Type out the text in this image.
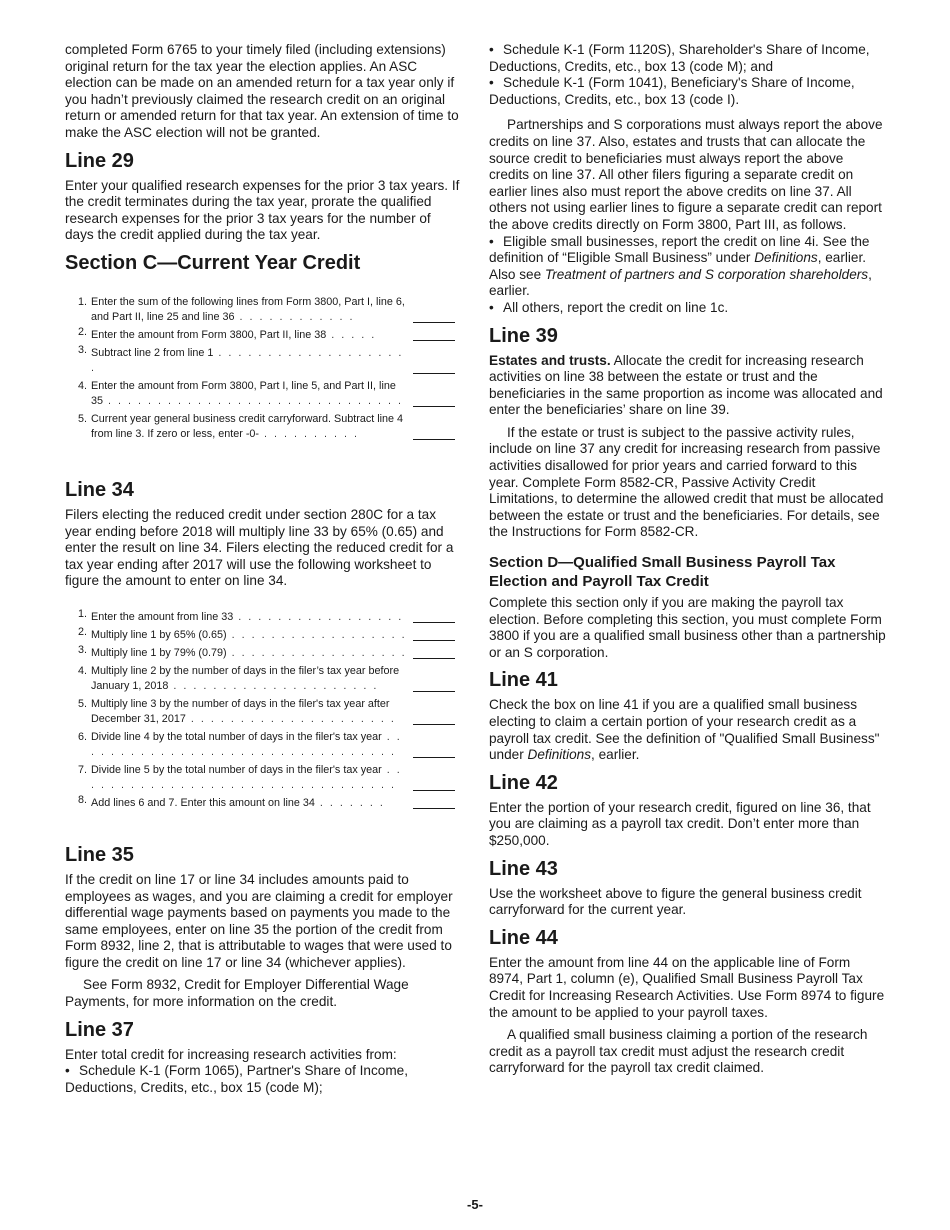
completed Form 6765 to your timely filed (including extensions) original return for the tax year the election applies. An ASC election can be made on an amended return for a tax year only if you hadn’t previously claimed the research credit on an original return or amended return for that tax year. An extension of time to make the ASC election will not be granted.

Line 29

Enter your qualified research expenses for the prior 3 tax years. If the credit terminates during the tax year, prorate the qualified research expenses for the prior 3 tax years for the number of days the credit applied during the tax year.

Section C—Current Year Credit
1. Enter the sum of the following lines from Form 3800, Part I, line 6, and Part II, line 25 and line 36 . . . . . . . . . . . .
2. Enter the amount from Form 3800, Part II, line 38 . . . . .
3. Subtract line 2 from line 1 . . . . . . . . . . . . . . . . . . . .
4. Enter the amount from Form 3800, Part I, line 5, and Part II, line 35 . . . . . . . . . . . . . . . . . . . . . . . . . . . . . .
5. Current year general business credit carryforward. Subtract line 4 from line 3. If zero or less, enter -0- . . . . . . . . . .
Line 34

Filers electing the reduced credit under section 280C for a tax year ending before 2018 will multiply line 33 by 65% (0.65) and enter the result on line 34. Filers electing the reduced credit for a tax year ending after 2017 will use the following worksheet to figure the amount to enter on line 34.

1. Enter the amount from line 33 . . . . . . . . . . . . . . . . .
2. Multiply line 1 by 65% (0.65) . . . . . . . . . . . . . . . . . .
3. Multiply line 1 by 79% (0.79) . . . . . . . . . . . . . . . . . .
4. Multiply line 2 by the number of days in the filer’s tax year before January 1, 2018 . . . . . . . . . . . . . . . . . . . . .
5. Multiply line 3 by the number of days in the filer's tax year after December 31, 2017 . . . . . . . . . . . . . . . . . . . . .
6. Divide line 4 by the total number of days in the filer's tax year . . . . . . . . . . . . . . . . . . . . . . . . . . . . . . . . .
7. Divide line 5 by the total number of days in the filer's tax year . . . . . . . . . . . . . . . . . . . . . . . . . . . . . . . . .
8. Add lines 6 and 7. Enter this amount on line 34 . . . . . . .
Line 35

If the credit on line 17 or line 34 includes amounts paid to employees as wages, and you are claiming a credit for employer differential wage payments based on payments you made to the same employees, enter on line 35 the portion of the credit from Form 8932, line 2, that is attributable to wages that were used to figure the credit on line 17 or line 34 (whichever applies).

See Form 8932, Credit for Employer Differential Wage Payments, for more information on the credit.

Line 37

Enter total credit for increasing research activities from:

• Schedule K-1 (Form 1065), Partner's Share of Income, Deductions, Credits, etc., box 15 (code M);
• Schedule K-1 (Form 1120S), Shareholder's Share of Income, Deductions, Credits, etc., box 13 (code M); and
• Schedule K-1 (Form 1041), Beneficiary's Share of Income, Deductions, Credits, etc., box 13 (code I).

Partnerships and S corporations must always report the above credits on line 37. Also, estates and trusts that can allocate the source credit to beneficiaries must always report the above credits on line 37. All other filers figuring a separate credit on earlier lines also must report the above credits on line 37. All others not using earlier lines to figure a separate credit can report the above credits directly on Form 3800, Part III, as follows.

• Eligible small businesses, report the credit on line 4i. See the definition of “Eligible Small Business” under Definitions, earlier. Also see Treatment of partners and S corporation shareholders, earlier.
• All others, report the credit on line 1c.
Line 39

Estates and trusts. Allocate the credit for increasing research activities on line 38 between the estate or trust and the beneficiaries in the same proportion as income was allocated and enter the beneficiaries’ share on line 39.

If the estate or trust is subject to the passive activity rules, include on line 37 any credit for increasing research from passive activities disallowed for prior years and carried forward to this year. Complete Form 8582-CR, Passive Activity Credit Limitations, to determine the allowed credit that must be allocated between the estate or trust and the beneficiaries. For details, see the Instructions for Form 8582-CR.

Section D—Qualified Small Business Payroll Tax Election and Payroll Tax Credit

Complete this section only if you are making the payroll tax election. Before completing this section, you must complete Form 3800 if you are a qualified small business other than a partnership or an S corporation.

Line 41

Check the box on line 41 if you are a qualified small business electing to claim a certain portion of your research credit as a payroll tax credit. See the definition of "Qualified Small Business" under Definitions, earlier.

Line 42

Enter the portion of your research credit, figured on line 36, that you are claiming as a payroll tax credit. Don’t enter more than $250,000.

Line 43

Use the worksheet above to figure the general business credit carryforward for the current year.

Line 44

Enter the amount from line 44 on the applicable line of Form 8974, Part 1, column (e), Qualified Small Business Payroll Tax Credit for Increasing Research Activities. Use Form 8974 to figure the amount to be applied to your payroll taxes.

A qualified small business claiming a portion of the research credit as a payroll tax credit must adjust the research credit carryforward for the payroll tax credit claimed.

-5-
